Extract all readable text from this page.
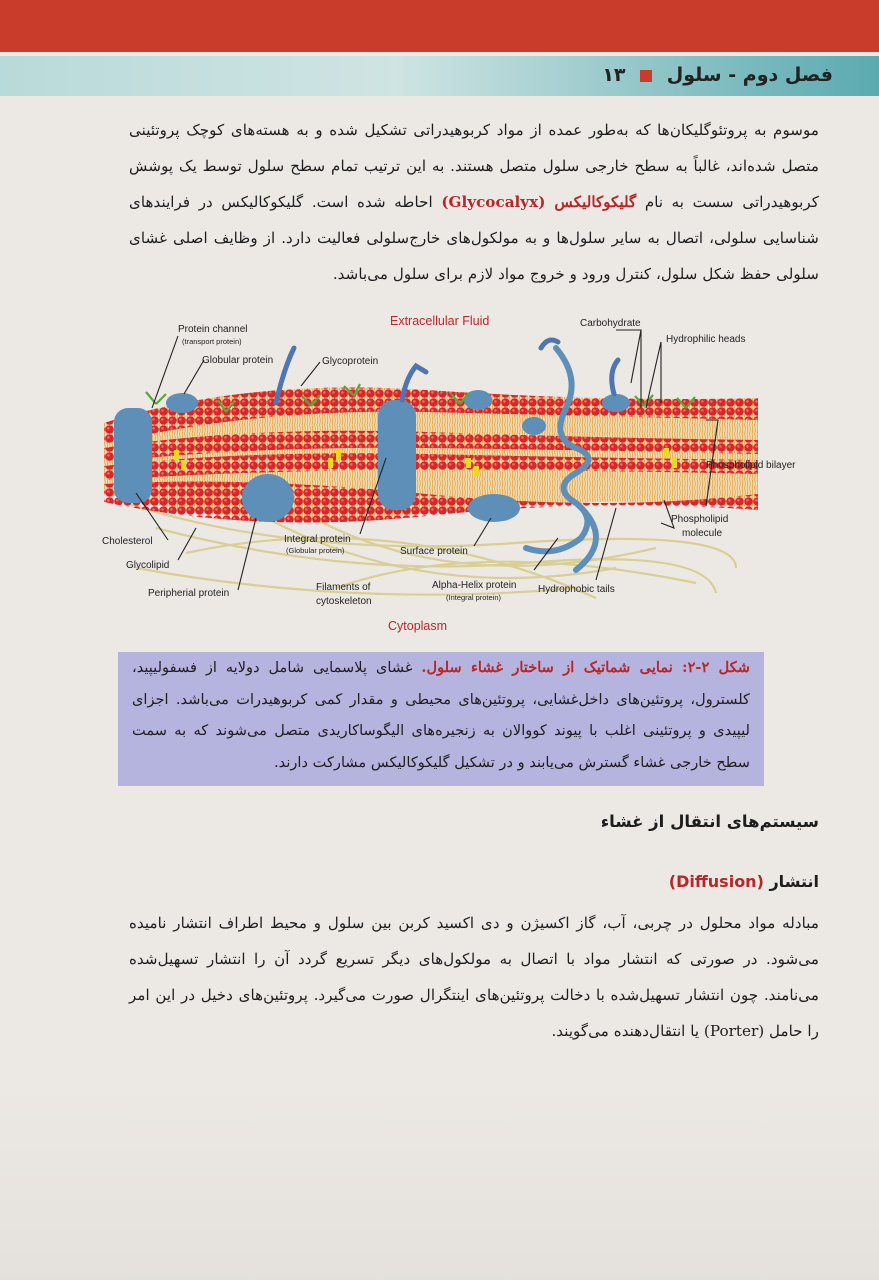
فصل دوم - سلول  ۱۳

موسوم به پروتئوگلیکان‌ها که به‌طور عمده از مواد کربوهیدراتی تشکیل شده و به هسته‌های کوچک پروتئینی متصل شده‌اند، غالباً به سطح خارجی سلول متصل هستند. به این ترتیب تمام سطح سلول توسط یک پوشش کربوهیدراتی سست به نام گلیکوکالیکس (Glycocalyx) احاطه شده است. گلیکوکالیکس در فرایندهای شناسایی سلولی، اتصال به سایر سلول‌ها و به مولکول‌های خارج‌سلولی فعالیت دارد. از وظایف اصلی غشای سلولی حفظ شکل سلول، کنترل ورود و خروج مواد لازم برای سلول می‌باشد.

Extracellular Fluid
Cytoplasm
Protein channel
(transport protein)
Globular protein	Glycoprotein
Carbohydrate
Hydrophilic heads
Phospholipid bilayer
Phospholipid
molecule
Cholesterol
Glycolipid
Peripherial protein
Integral protein
(Globular protein)	Surface protein
Filaments of
cytoskeleton
Alpha-Helix protein
(Integral protein)
Hydrophobic tails
شکل ۲-۲: نمایی شماتیک از ساختار غشاء سلول. غشای پلاسمایی شامل دولایه از فسفولیپید، کلسترول، پروتئین‌های داخل‌غشایی، پروتئین‌های محیطی و مقدار کمی کربوهیدرات می‌باشد. اجزای لیپیدی و پروتئینی اغلب با پیوند کووالان به زنجیره‌های الیگوساکاریدی متصل می‌شوند که به سمت سطح خارجی غشاء گسترش می‌یابند و در تشکیل گلیکوکالیکس مشارکت دارند.
سیستم‌های انتقال از غشاء
انتشار (Diffusion)

مبادله مواد محلول در چربی، آب، گاز اکسیژن و دی اکسید کربن بین سلول و محیط اطراف انتشار نامیده می‌شود. در صورتی که انتشار مواد با اتصال به مولکول‌های دیگر تسریع گردد آن را انتشار تسهیل‌شده می‌نامند. چون انتشار تسهیل‌شده با دخالت پروتئین‌های اینتگرال صورت می‌گیرد. پروتئین‌های دخیل در این امر را حامل (Porter) یا انتقال‌دهنده می‌گویند.
